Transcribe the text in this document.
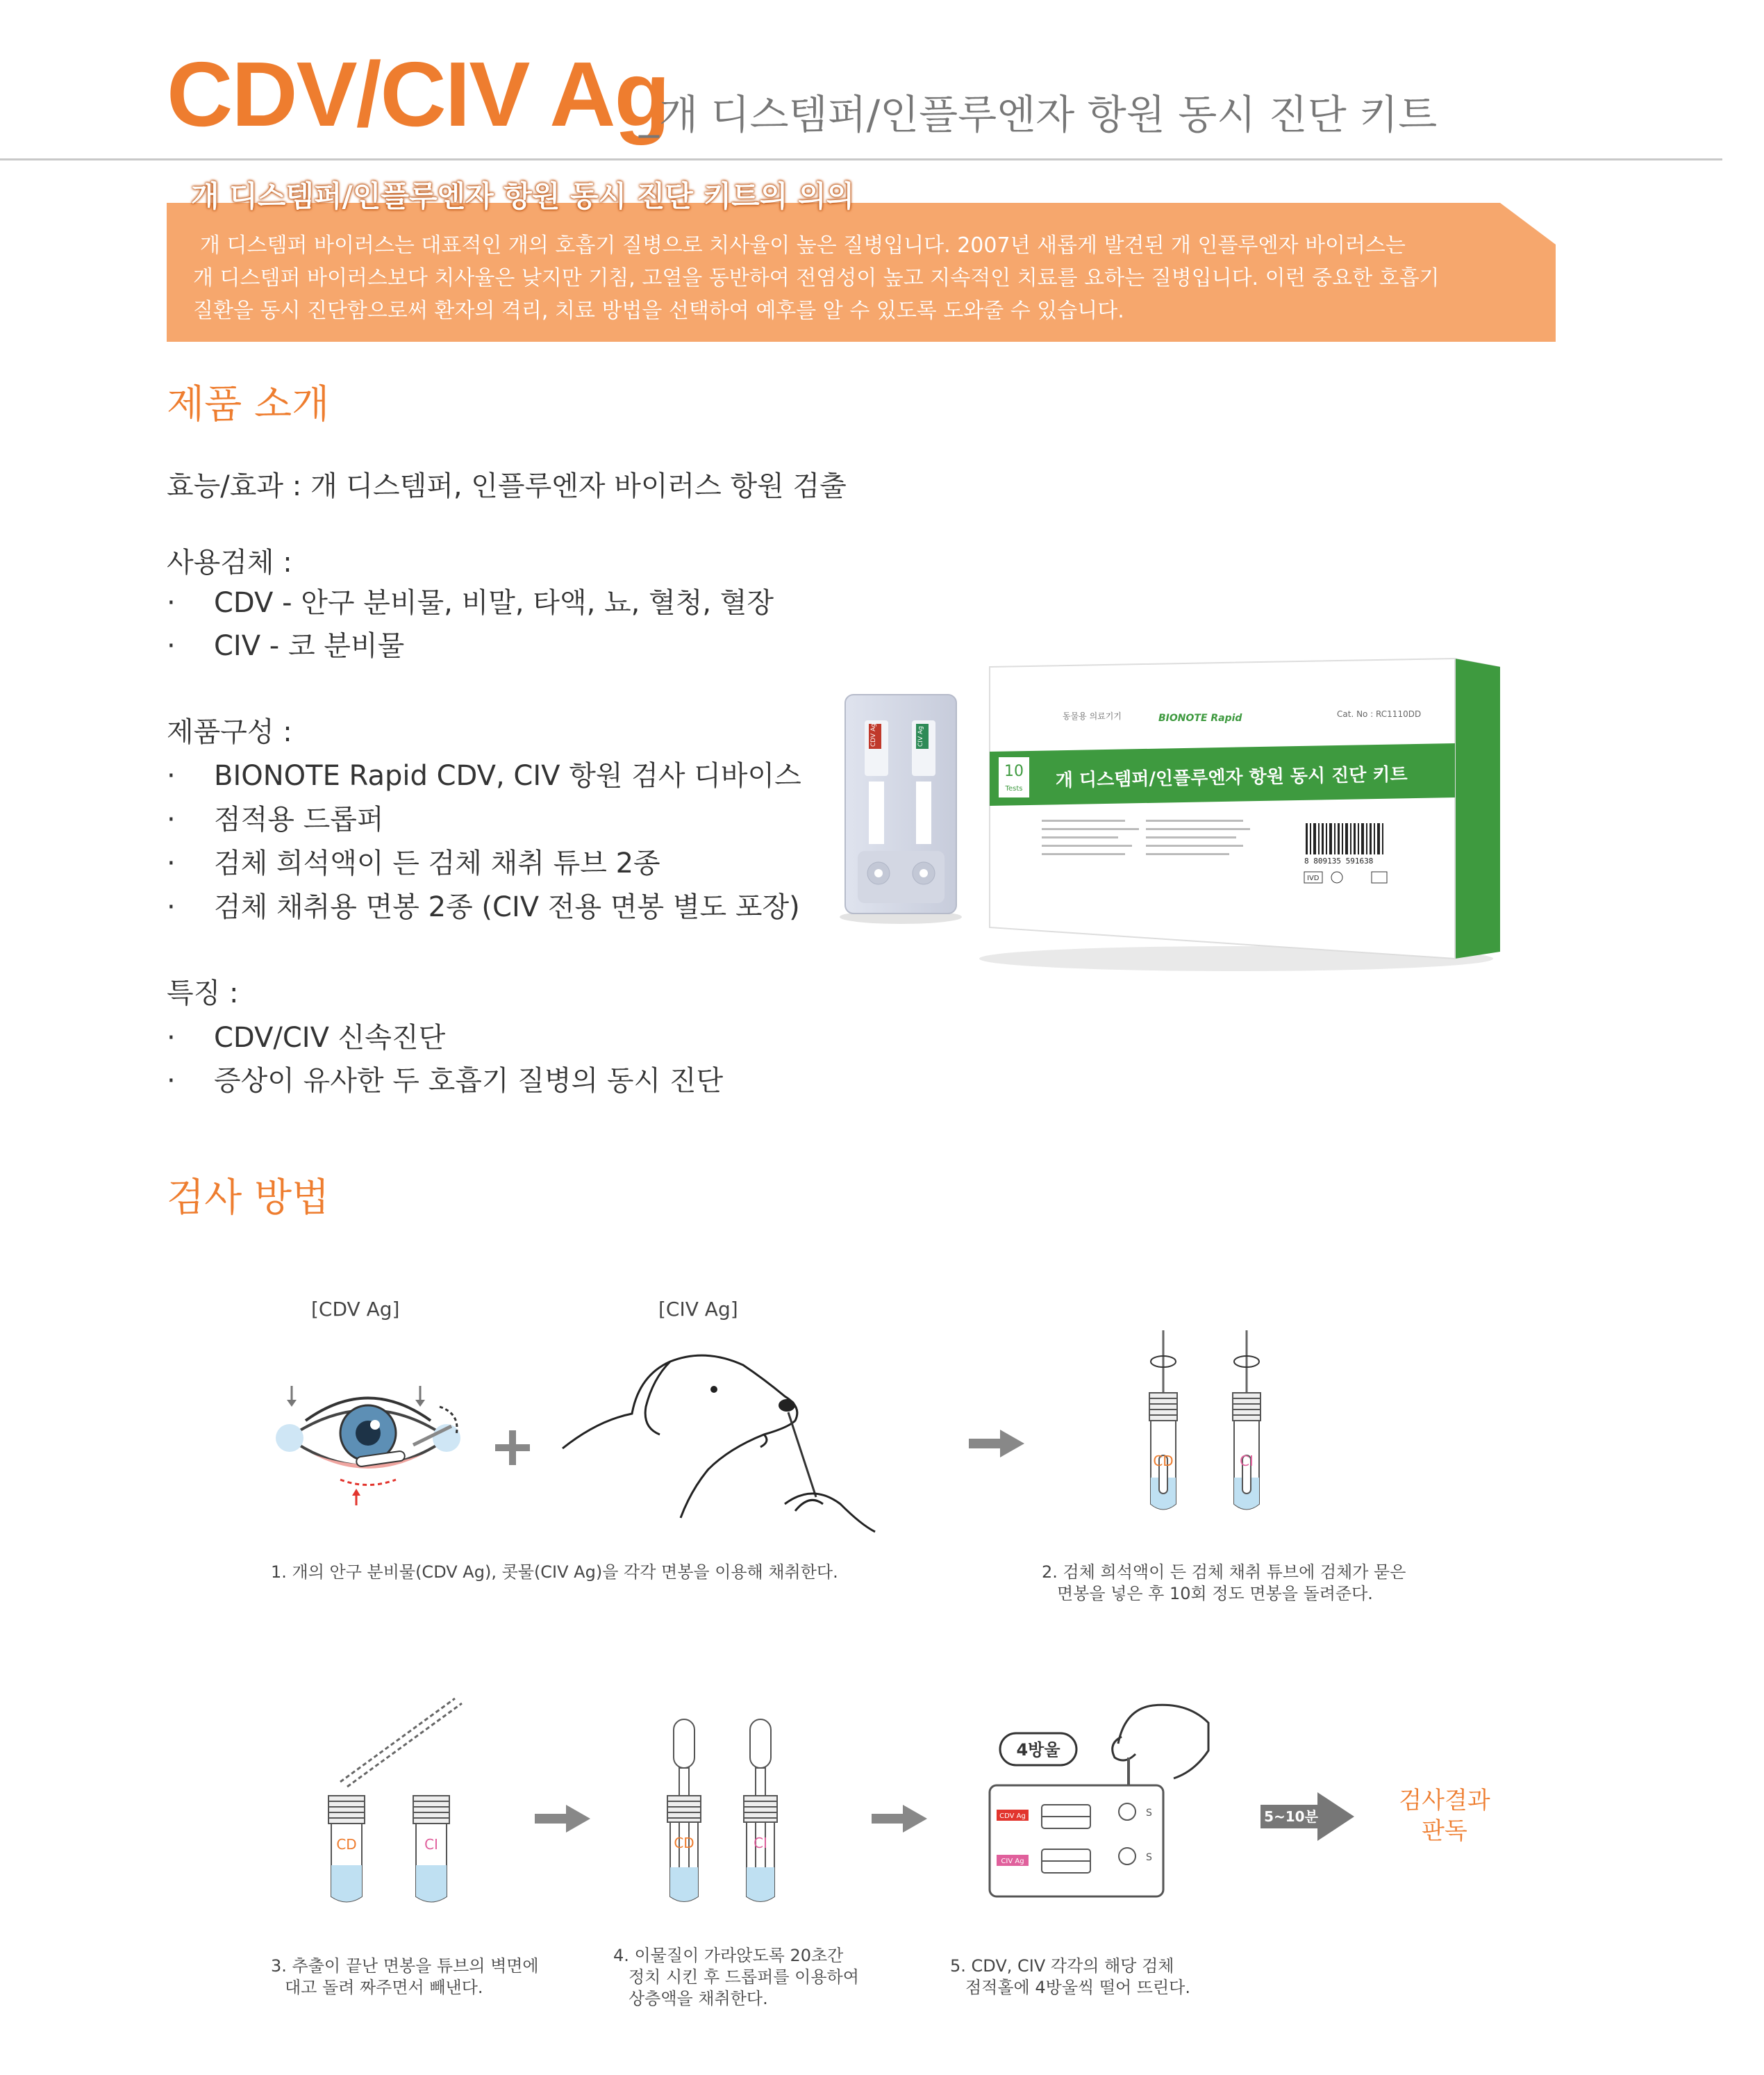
CDV/CIV Ag
_개 디스템퍼/인플루엔자 항원 동시 진단 키트
개 디스템퍼/인플루엔자 항원 동시 진단 키트의 의의
개 디스템퍼 바이러스는 대표적인 개의 호흡기 질병으로 치사율이 높은 질병입니다. 2007년 새롭게 발견된 개 인플루엔자 바이러스는
개 디스템퍼 바이러스보다 치사율은 낮지만 기침, 고열을 동반하여 전염성이 높고 지속적인 치료를 요하는 질병입니다. 이런 중요한 호흡기
질환을 동시 진단함으로써 환자의 격리, 치료 방법을 선택하여 예후를 알 수 있도록 도와줄 수 있습니다.
제품 소개
효능/효과 : 개 디스템퍼, 인플루엔자 바이러스 항원 검출
사용검체 :
· CDV - 안구 분비물, 비말, 타액, 뇨, 혈청, 혈장
· CIV - 코 분비물
제품구성 :
· BIONOTE Rapid CDV, CIV 항원 검사 디바이스
· 점적용 드롭퍼
· 검체 희석액이 든 검체 채취 튜브 2종
· 검체 채취용 면봉 2종 (CIV 전용 면봉 별도 포장)
특징 :
· CDV/CIV 신속진단
· 증상이 유사한 두 호흡기 질병의 동시 진단
CDV Ag	CIV Ag
10
Tests 개 디스템퍼/인플루엔자 항원 동시 진단 키트
동물용 의료기기	BIONOTE Rapid	Cat. No : RC1110DD
8 809135 591638
IVD
검사 방법
[CDV Ag]	[CIV Ag]
CD	CI
1. 개의 안구 분비물(CDV Ag), 콧물(CIV Ag)을 각각 면봉을 이용해 채취한다.	2. 검체 희석액이 든 검체 채취 튜브에 검체가 묻은
면봉을 넣은 후 10회 정도 면봉을 돌려준다.
CD	CI	CD	CI
4방울
CDV Ag
CIV Ag
S
S
5~10분
검사결과
판독
3. 추출이 끝난 면봉을 튜브의 벽면에
대고 돌려 짜주면서 빼낸다.
4. 이물질이 가라앉도록 20초간
정치 시킨 후 드롭퍼를 이용하여
상층액을 채취한다.
5. CDV, CIV 각각의 해당 검체
점적홀에 4방울씩 떨어 뜨린다.
